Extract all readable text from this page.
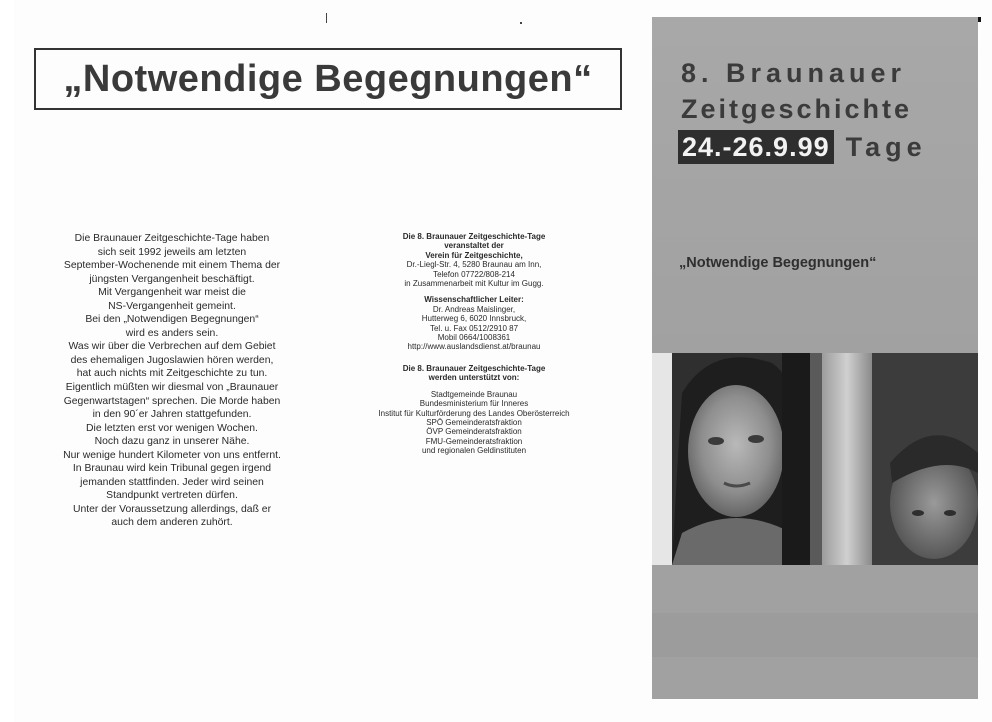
„Notwendige Begegnungen“
Die Braunauer Zeitgeschichte-Tage haben
sich seit 1992 jeweils am letzten
September-Wochenende mit einem Thema der
jüngsten Vergangenheit beschäftigt.
Mit Vergangenheit war meist die
NS-Vergangenheit gemeint.
Bei den „Notwendigen Begegnungen“
wird es anders sein.
Was wir über die Verbrechen auf dem Gebiet
des ehemaligen Jugoslawien hören werden,
hat auch nichts mit Zeitgeschichte zu tun.
Eigentlich müßten wir diesmal von „Braunauer
Gegenwartstagen“ sprechen. Die Morde haben
in den 90´er Jahren stattgefunden.
Die letzten erst vor wenigen Wochen.
Noch dazu ganz in unserer Nähe.
Nur wenige hundert Kilometer von uns entfernt.
In Braunau wird kein Tribunal gegen irgend
jemanden stattfinden. Jeder wird seinen
Standpunkt vertreten dürfen.
Unter der Voraussetzung allerdings, daß er
auch dem anderen zuhört.
Die 8. Braunauer Zeitgeschichte-Tage
veranstaltet der
Verein für Zeitgeschichte,
Dr.-Liegl-Str. 4, 5280 Braunau am Inn,
Telefon 07722/808-214
in Zusammenarbeit mit Kultur im Gugg.
Wissenschaftlicher Leiter:
Dr. Andreas Maislinger,
Hutterweg 6, 6020 Innsbruck,
Tel. u. Fax 0512/2910 87
Mobil 0664/1008361
http://www.auslandsdienst.at/braunau
Die 8. Braunauer Zeitgeschichte-Tage
werden unterstützt von:
Stadtgemeinde Braunau
Bundesministerium für Inneres
Institut für Kulturförderung des Landes Oberösterreich
SPÖ Gemeinderatsfraktion
ÖVP Gemeinderatsfraktion
FMU-Gemeinderatsfraktion
und regionalen Geldinstituten
8. Braunauer
Zeitgeschichte
24.-26.9.99 Tage
„Notwendige Begegnungen“
